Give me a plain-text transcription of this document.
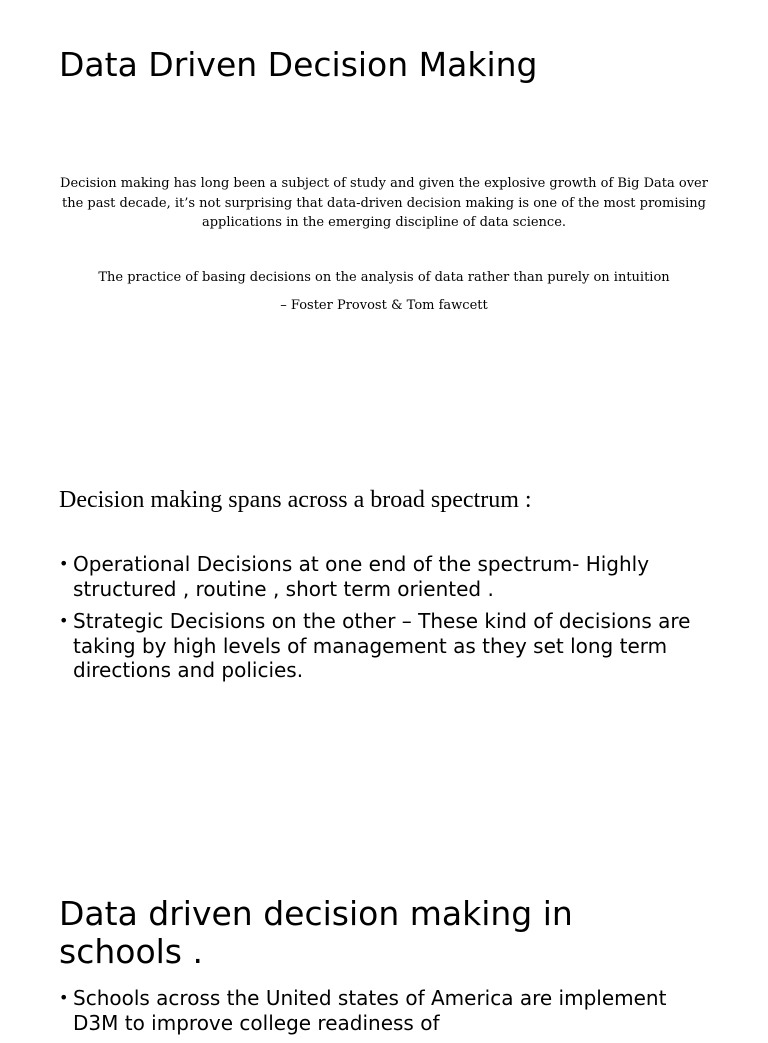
Data Driven Decision Making

Decision making has long been a subject of study and given the explosive growth of Big Data over the past decade, it’s not surprising that data-driven decision making is one of the most promising applications in the emerging discipline of data science.

The practice of basing decisions on the analysis of data rather than purely on intuition

– Foster Provost & Tom fawcett

Decision making spans across a broad spectrum :
• Operational Decisions at one end of the spectrum- Highly structured , routine , short term oriented .
• Strategic Decisions on the other – These kind of decisions are taking by high levels of management as they set long term directions and policies.
Data driven decision making in schools .
• Schools across the United states of America are implement D3M to improve college readiness of
